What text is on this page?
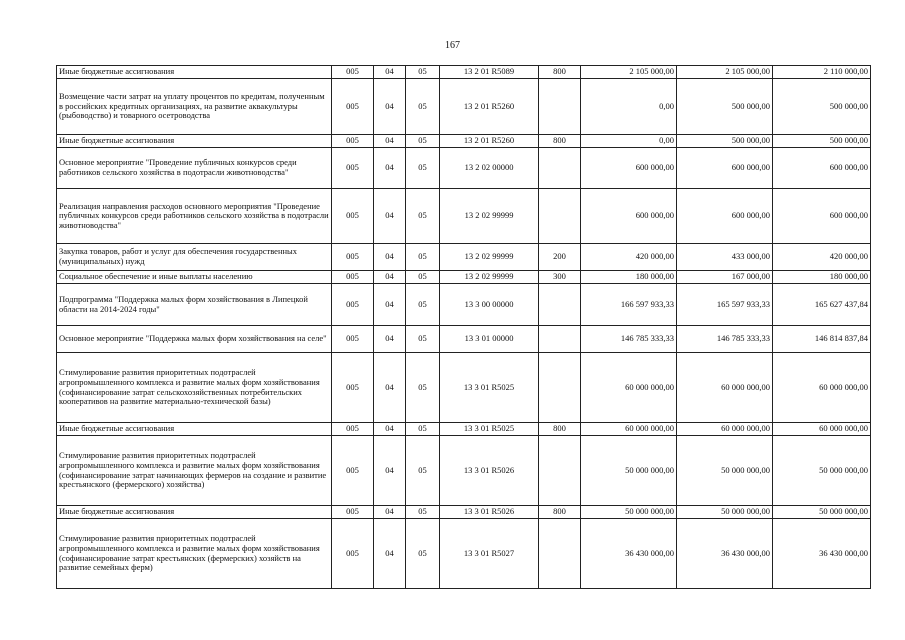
167
Иные бюджетные ассигнования	005	04	05	13 2 01 R5089	800	2 105 000,00	2 105 000,00	2 110 000,00
Возмещение части затрат на уплату процентов по кредитам, полученным в российских кредитных организациях, на развитие аквакультуры (рыбоводство) и товарного осетроводства	005	04	05	13 2 01 R5260		0,00	500 000,00	500 000,00
Иные бюджетные ассигнования	005	04	05	13 2 01 R5260	800	0,00	500 000,00	500 000,00
Основное мероприятие "Проведение публичных конкурсов среди работников сельского хозяйства в подотрасли животноводства"	005	04	05	13 2 02 00000		600 000,00	600 000,00	600 000,00
Реализация направления расходов основного мероприятия "Проведение публичных конкурсов среди работников сельского хозяйства в подотрасли животноводства"	005	04	05	13 2 02 99999		600 000,00	600 000,00	600 000,00
Закупка товаров, работ и услуг для обеспечения государственных (муниципальных) нужд	005	04	05	13 2 02 99999	200	420 000,00	433 000,00	420 000,00
Социальное обеспечение и иные выплаты населению	005	04	05	13 2 02 99999	300	180 000,00	167 000,00	180 000,00
Подпрограмма "Поддержка малых форм хозяйствования в Липецкой области на 2014-2024 годы"	005	04	05	13 3 00 00000		166 597 933,33	165 597 933,33	165 627 437,84
Основное мероприятие "Поддержка малых форм хозяйствования на селе"	005	04	05	13 3 01 00000		146 785 333,33	146 785 333,33	146 814 837,84
Стимулирование развития приоритетных подотраслей агропромышленного комплекса и развитие малых форм хозяйствования (софинансирование затрат сельскохозяйственных потребительских кооперативов на развитие материально-технической базы)	005	04	05	13 3 01 R5025		60 000 000,00	60 000 000,00	60 000 000,00
Иные бюджетные ассигнования	005	04	05	13 3 01 R5025	800	60 000 000,00	60 000 000,00	60 000 000,00
Стимулирование развития приоритетных подотраслей агропромышленного комплекса и развитие малых форм хозяйствования (софинансирование затрат начинающих фермеров на создание и развитие крестьянского (фермерского) хозяйства)	005	04	05	13 3 01 R5026		50 000 000,00	50 000 000,00	50 000 000,00
Иные бюджетные ассигнования	005	04	05	13 3 01 R5026	800	50 000 000,00	50 000 000,00	50 000 000,00
Стимулирование развития приоритетных подотраслей агропромышленного комплекса и развитие малых форм хозяйствования (софинансирование затрат крестьянских (фермерских) хозяйств на развитие семейных ферм)	005	04	05	13 3 01 R5027		36 430 000,00	36 430 000,00	36 430 000,00
